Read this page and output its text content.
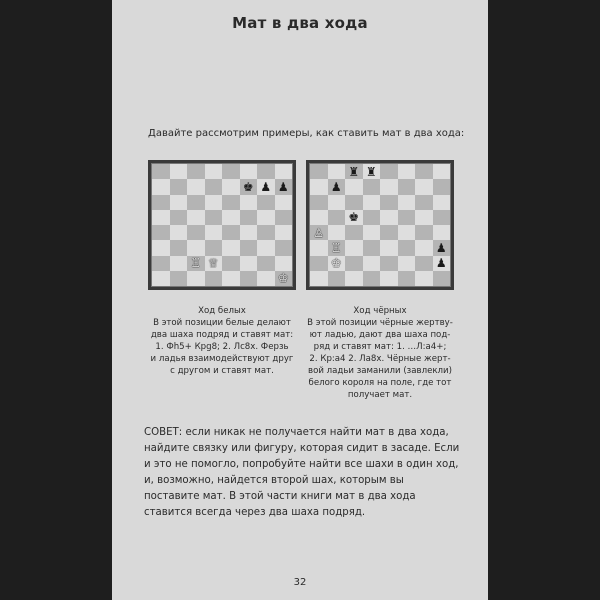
Мат в два хода
Давайте рассмотрим примеры, как ставить мат в два хода:
♚ ♟ ♟
♖ ♕
♔
♜ ♜
♟
♚
♙
♖	♟
♔	♟
Ход белых
В этой позиции белые делают
два шаха подряд и ставят мат:
1. Фh5+ Крg8; 2. Лс8х. Ферзь
и ладья взаимодействуют друг
с другом и ставят мат.
Ход чёрных
В этой позиции чёрные жертву-
ют ладью, дают два шаха под-
ряд и ставят мат: 1. …Л:а4+;
2. Кр:а4 2. Ла8х. Чёрные жерт-
вой ладьи заманили (завлекли)
белого короля на поле, где тот
получает мат.
СОВЕТ: если никак не получается найти мат в два хода, найдите связку или фигуру, которая сидит в засаде. Если и это не помогло, попробуйте найти все шахи в один ход, и, возможно, найдется второй шах, которым вы поставите мат. В этой части книги мат в два хода ставится всегда через два шаха подряд.
32
